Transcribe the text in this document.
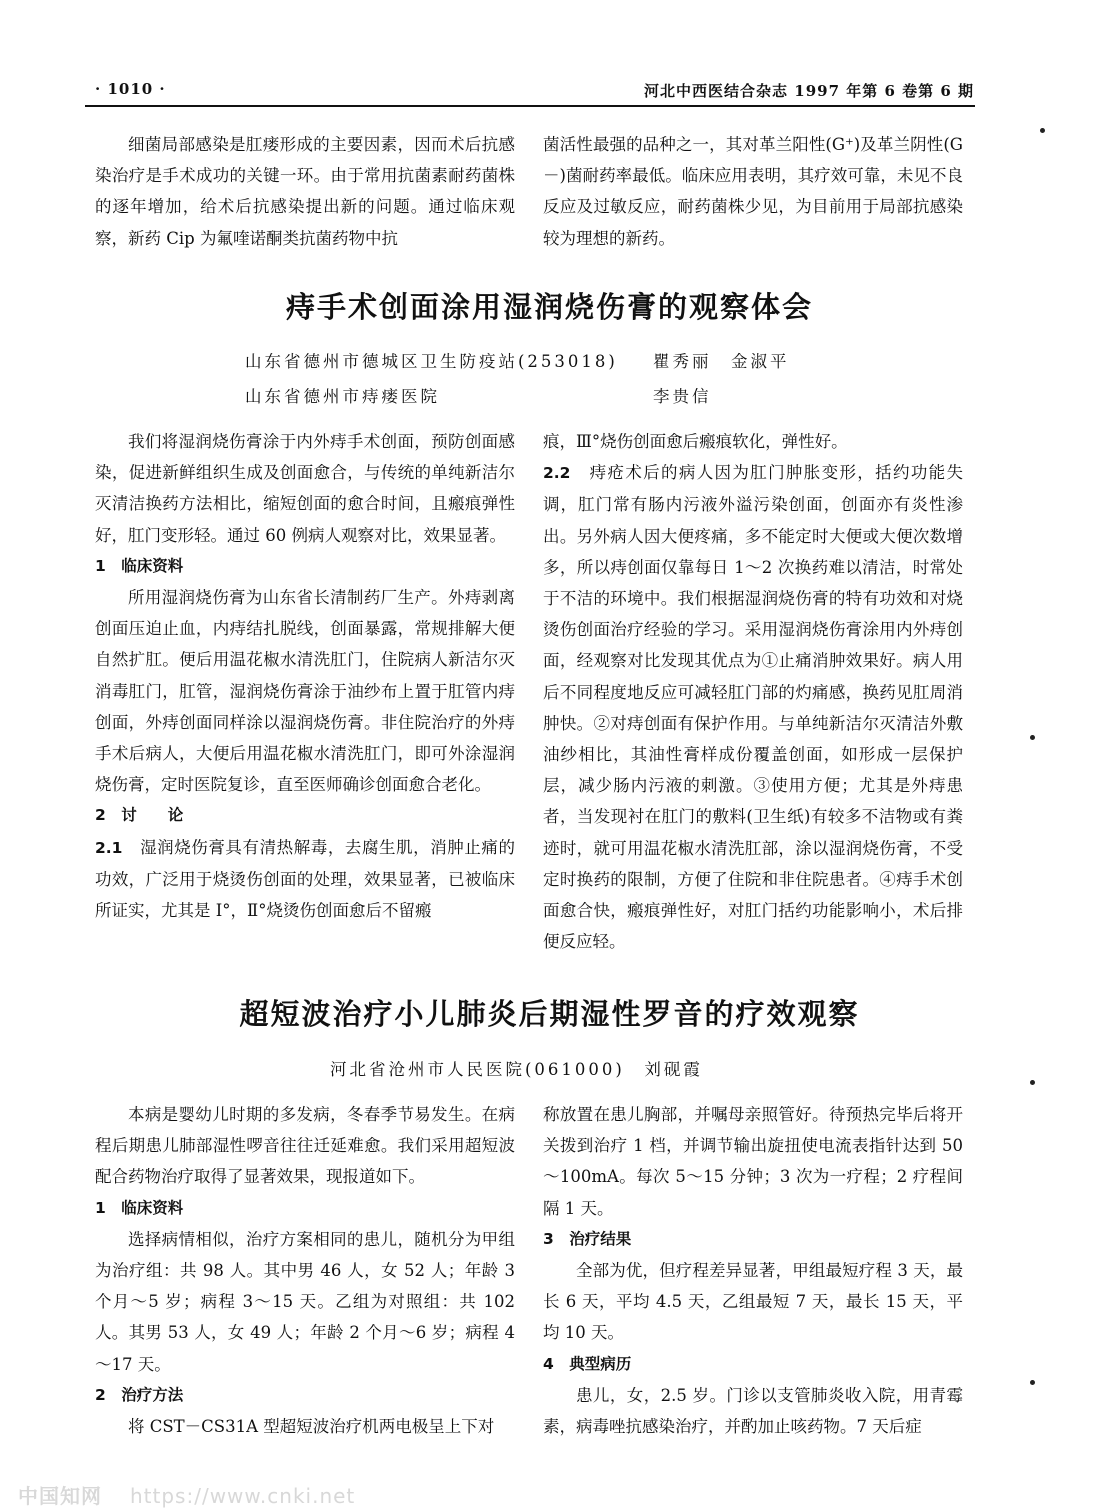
· 1010 ·	河北中西医结合杂志 1997 年第 6 卷第 6 期

细菌局部感染是肛瘘形成的主要因素，因而术后抗感染治疗是手术成功的关键一环。由于常用抗菌素耐药菌株的逐年增加，给术后抗感染提出新的问题。通过临床观察，新药 Cip 为氟喹诺酮类抗菌药物中抗

菌活性最强的品种之一，其对革兰阳性(G⁺)及革兰阴性(G－)菌耐药率最低。临床应用表明，其疗效可靠，未见不良反应及过敏反应，耐药菌株少见，为目前用于局部抗感染较为理想的新药。

痔手术创面涂用湿润烧伤膏的观察体会
山东省德州市德城区卫生防疫站(253018) 瞿秀丽　金淑平
山东省德州市痔瘘医院	李贵信

我们将湿润烧伤膏涂于内外痔手术创面，预防创面感染，促进新鲜组织生成及创面愈合，与传统的单纯新洁尔灭清洁换药方法相比，缩短创面的愈合时间，且瘢痕弹性好，肛门变形轻。通过 60 例病人观察对比，效果显著。

1　临床资料

所用湿润烧伤膏为山东省长清制药厂生产。外痔剥离创面压迫止血，内痔结扎脱线，创面暴露，常规排解大便自然扩肛。便后用温花椒水清洗肛门，住院病人新洁尔灭消毒肛门，肛管，湿润烧伤膏涂于油纱布上置于肛管内痔创面，外痔创面同样涂以湿润烧伤膏。非住院治疗的外痔手术后病人，大便后用温花椒水清洗肛门，即可外涂湿润烧伤膏，定时医院复诊，直至医师确诊创面愈合老化。

2　讨　　论

2.1　湿润烧伤膏具有清热解毒，去腐生肌，消肿止痛的功效，广泛用于烧烫伤创面的处理，效果显著，已被临床所证实，尤其是 Ⅰ°，Ⅱ°烧烫伤创面愈后不留瘢

痕，Ⅲ°烧伤创面愈后瘢痕软化，弹性好。

2.2　痔疮术后的病人因为肛门肿胀变形，括约功能失调，肛门常有肠内污液外溢污染创面，创面亦有炎性渗出。另外病人因大便疼痛，多不能定时大便或大便次数增多，所以痔创面仅靠每日 1～2 次换药难以清洁，时常处于不洁的环境中。我们根据湿润烧伤膏的特有功效和对烧烫伤创面治疗经验的学习。采用湿润烧伤膏涂用内外痔创面，经观察对比发现其优点为①止痛消肿效果好。病人用后不同程度地反应可减轻肛门部的灼痛感，换药见肛周消肿快。②对痔创面有保护作用。与单纯新洁尔灭清洁外敷油纱相比，其油性膏样成份覆盖创面，如形成一层保护层，减少肠内污液的刺激。③使用方便；尤其是外痔患者，当发现衬在肛门的敷料(卫生纸)有较多不洁物或有粪迹时，就可用温花椒水清洗肛部，涂以湿润烧伤膏，不受定时换药的限制，方便了住院和非住院患者。④痔手术创面愈合快，瘢痕弹性好，对肛门括约功能影响小，术后排便反应轻。

超短波治疗小儿肺炎后期湿性罗音的疗效观察
河北省沧州市人民医院(061000)　刘砚霞

本病是婴幼儿时期的多发病，冬春季节易发生。在病程后期患儿肺部湿性啰音往往迁延难愈。我们采用超短波配合药物治疗取得了显著效果，现报道如下。

1　临床资料

选择病情相似，治疗方案相同的患儿，随机分为甲组为治疗组：共 98 人。其中男 46 人，女 52 人；年龄 3 个月～5 岁；病程 3～15 天。乙组为对照组：共 102 人。其男 53 人，女 49 人；年龄 2 个月～6 岁；病程 4～17 天。

2　治疗方法

将 CST－CS31A 型超短波治疗机两电极呈上下对

称放置在患儿胸部，并嘱母亲照管好。待预热完毕后将开关拨到治疗 1 档，并调节输出旋扭使电流表指针达到 50～100mA。每次 5～15 分钟；3 次为一疗程；2 疗程间隔 1 天。

3　治疗结果

全部为优，但疗程差异显著，甲组最短疗程 3 天，最长 6 天，平均 4.5 天，乙组最短 7 天，最长 15 天，平均 10 天。

4　典型病历

患儿，女，2.5 岁。门诊以支管肺炎收入院，用青霉素，病毒唑抗感染治疗，并酌加止咳药物。7 天后症

中国知网 https://www.cnki.net
